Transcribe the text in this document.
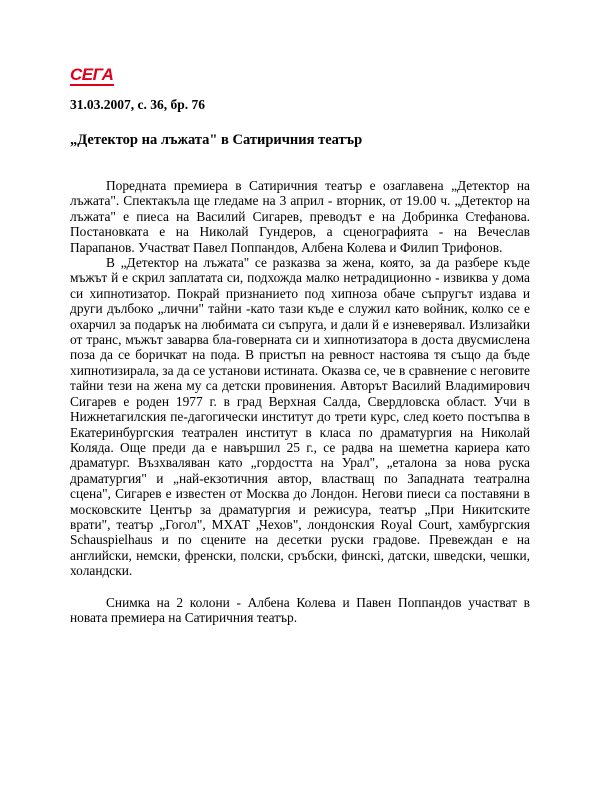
СЕГА
31.03.2007, с. 36, бр. 76
„Детектор на лъжата" в Сатиричния театър

Поредната премиера в Сатиричния театър е озаглавена „Детектор на лъжата". Спектакъла ще гледаме на 3 април - вторник, от 19.00 ч. „Детектор на лъжата" е пиеса на Василий Сигарев, преводът е на Добринка Стефанова. Постановката е на Николай Гундеров, а сценографията - на Вечеслав Парапанов. Участват Павел Поппандов, Албена Колева и Филип Трифонов.

В „Детектор на лъжата" се разказва за жена, която, за да разбере къде мъжът й е скрил заплатата си, подхожда малко нетрадиционно - извиква у дома си хипнотизатор. Покрай признанието под хипноза обаче съпругът издава и други дълбоко „лични" тайни -като тази къде е служил като войник, колко се е охарчил за подарък на любимата си съпруга, и дали й е изневерявал. Излизайки от транс, мъжът заварва бла-говерната си и хипнотизатора в доста двусмислена поза да се боричкат на пода. В пристъп на ревност настоява тя също да бъде хипнотизирала, за да се установи истината. Оказва се, че в сравнение с неговите тайни тези на жена му са детски провинения. Авторът Василий Владимирович Сигарев е роден 1977 г. в град Верхная Салда, Свердловска област. Учи в Нижнетагилския пе-дагогически институт до трети курс, след което постъпва в Екатеринбургския театрален институт в класа по драматургия на Николай Коляда. Още преди да е навършил 25 г., се радва на шеметна кариера като драматург. Възхваляван като „гордостта на Урал", „еталона за нова руска драматургия" и „най-екзотичния автор, властващ по Западната театрална сцена", Сигарев е известен от Москва до Лондон. Негови пиеси са поставяни в московските Център за драматургия и режисура, театър „При Никитските врати", театър „Гогол", МХАТ „Чехов", лондонския Royal Court, хамбургския Schauspielhaus и по сцените на десетки руски градове. Превеждан е на английски, немски, френски, полски, сръбски, финскі, датски, шведски, чешки, холандски.

Снимка на 2 колони - Албена Колева и Павен Поппандов участват в новата премиера на Сатиричния театър.
